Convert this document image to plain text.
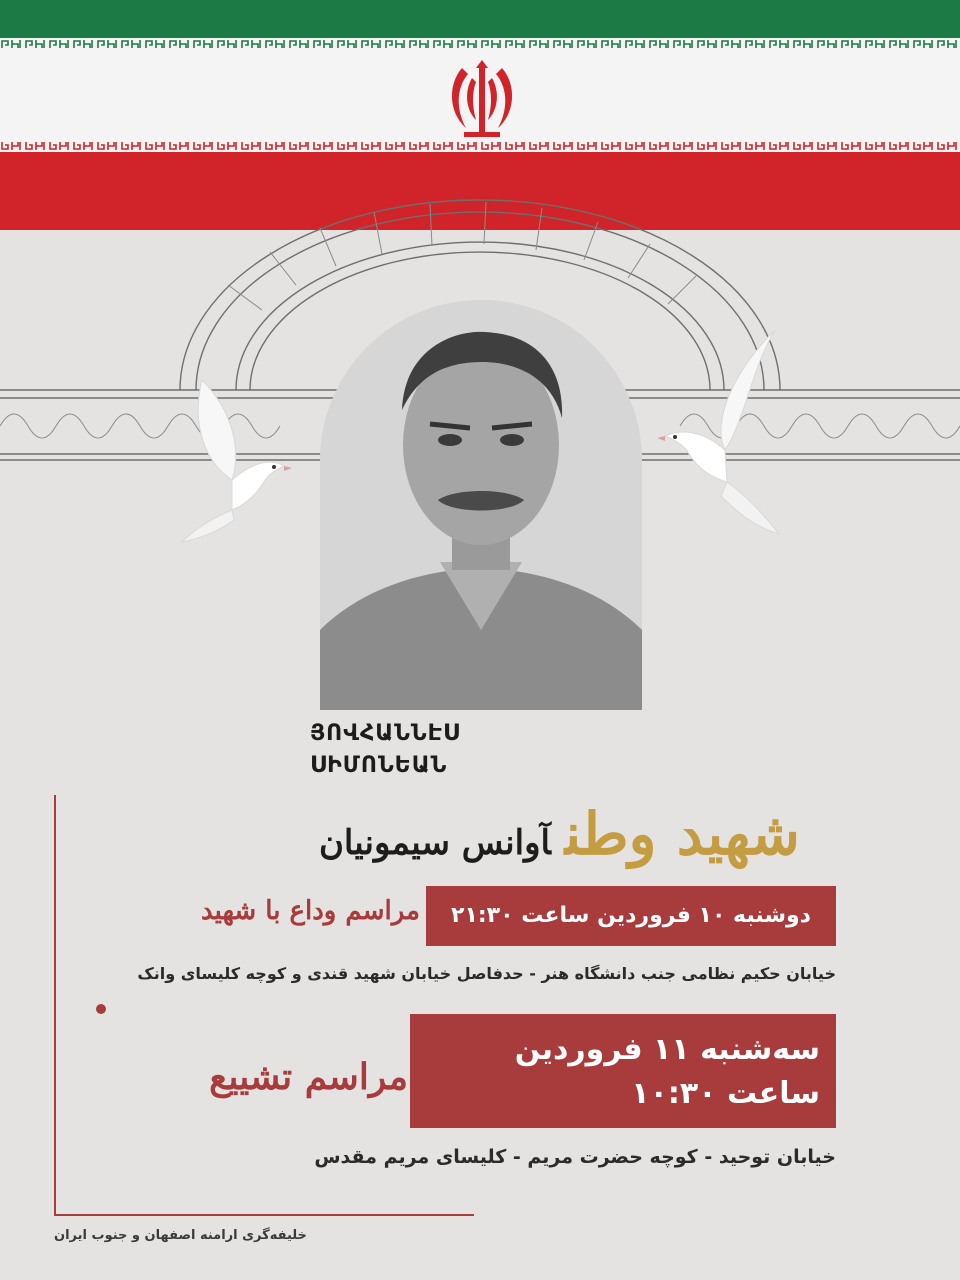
ՅՈՎՀԱՆՆԷՍ
ՍԻՄՈՆԵԱՆ
شهید وطنآوانس سیمونیان
دوشنبه ۱۰ فروردین ساعت ۲۱:۳۰
مراسم وداع با شهید
خیابان حکیم نظامی جنب دانشگاه هنر - حدفاصل خیابان شهید قندی و کوچه کلیسای وانک
سه‌شنبه ۱۱ فروردین
ساعت ۱۰:۳۰
مراسم تشییع
خیابان توحید - کوچه حضرت مریم - کلیسای مریم مقدس
خلیفه‌گری ارامنه اصفهان و جنوب ایران
